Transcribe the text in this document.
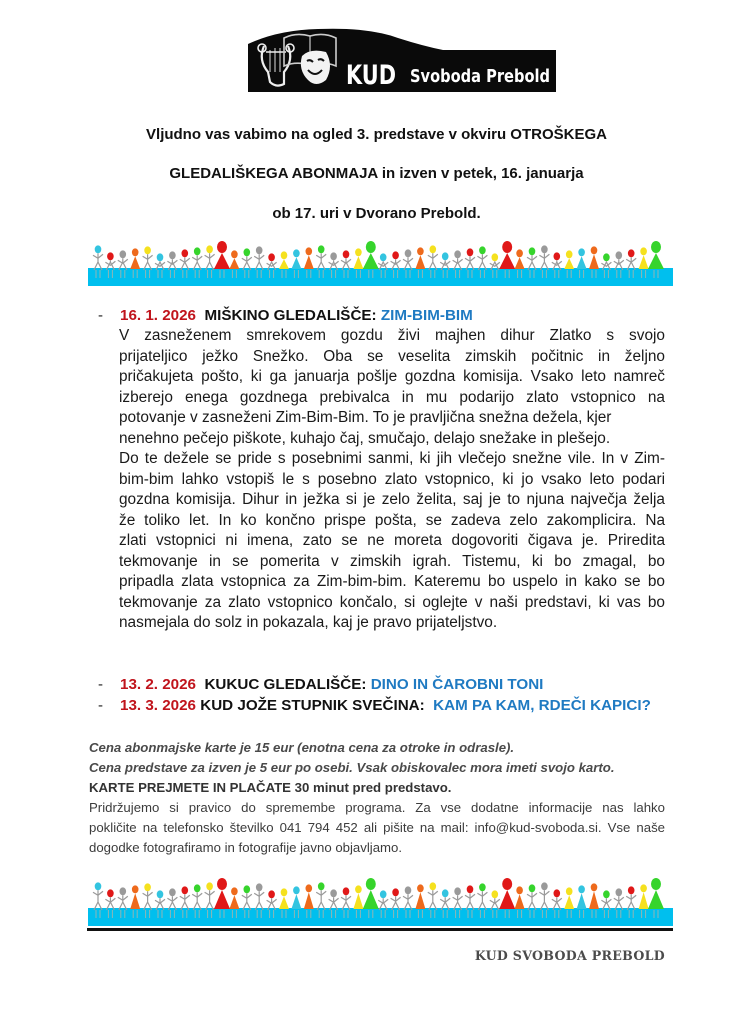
KUD Svoboda Prebold
Vljudno vas vabimo na ogled 3. predstave v okviru OTROŠKEGA
GLEDALIŠKEGA ABONMAJA in izven v petek, 16. januarja
ob 17. uri v Dvorano Prebold.
- 16. 1. 2026 MIŠKINO GLEDALIŠČE: ZIM-BIM-BIM
V zasneženem smrekovem gozdu živi majhen dihur Zlatko s svojo
prijateljico ježko Snežko. Oba se veselita zimskih počitnic in željno
pričakujeta pošto, ki ga januarja pošlje gozdna komisija. Vsako leto namreč
izberejo enega gozdnega prebivalca in mu podarijo zlato vstopnico na
potovanje v zasneženi Zim-Bim-Bim. To je pravljična snežna dežela, kjer
nenehno pečejo piškote, kuhajo čaj, smučajo, delajo snežake in plešejo.
Do te dežele se pride s posebnimi sanmi, ki jih vlečejo snežne vile. In v Zim-
bim-bim lahko vstopiš le s posebno zlato vstopnico, ki jo vsako leto podari
gozdna komisija. Dihur in ježka si je zelo želita, saj je to njuna največja želja
že toliko let. In ko končno prispe pošta, se zadeva zelo zakomplicira. Na
zlati vstopnici ni imena, zato se ne moreta dogovoriti čigava je. Priredita
tekmovanje in se pomerita v zimskih igrah. Tistemu, ki bo zmagal, bo
pripadla zlata vstopnica za Zim-bim-bim. Kateremu bo uspelo in kako se bo
tekmovanje za zlato vstopnico končalo, si oglejte v naši predstavi, ki vas bo
nasmejala do solz in pokazala, kaj je pravo prijateljstvo.
- 13. 2. 2026 KUKUC GLEDALIŠČE: DINO IN ČAROBNI TONI
- 13. 3. 2026 KUD JOŽE STUPNIK SVEČINA: KAM PA KAM, RDEČI KAPICI?
Cena abonmajske karte je 15 eur (enotna cena za otroke in odrasle).
Cena predstave za izven je 5 eur po osebi. Vsak obiskovalec mora imeti svojo karto.
KARTE PREJMETE IN PLAČATE 30 minut pred predstavo.
Pridržujemo si pravico do spremembe programa. Za vse dodatne informacije nas lahko
pokličite na telefonsko številko 041 794 452 ali pišite na mail: info@kud-svoboda.si. Vse naše
dogodke fotografiramo in fotografije javno objavljamo.
KUD SVOBODA PREBOLD
